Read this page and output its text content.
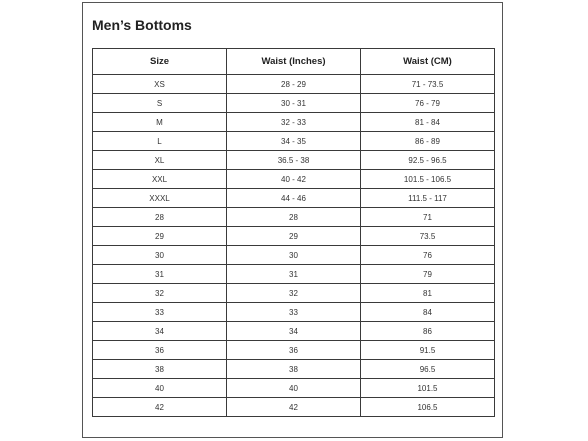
Men’s Bottoms
Size	Waist (Inches)	Waist (CM)
XS	28 - 29	71 - 73.5
S	30 - 31	76 - 79
M	32 - 33	81 - 84
L	34 - 35	86 - 89
XL	36.5 - 38	92.5 - 96.5
XXL	40 - 42	101.5 - 106.5
XXXL	44 - 46	111.5 - 117
28	28	71
29	29	73.5
30	30	76
31	31	79
32	32	81
33	33	84
34	34	86
36	36	91.5
38	38	96.5
40	40	101.5
42	42	106.5
